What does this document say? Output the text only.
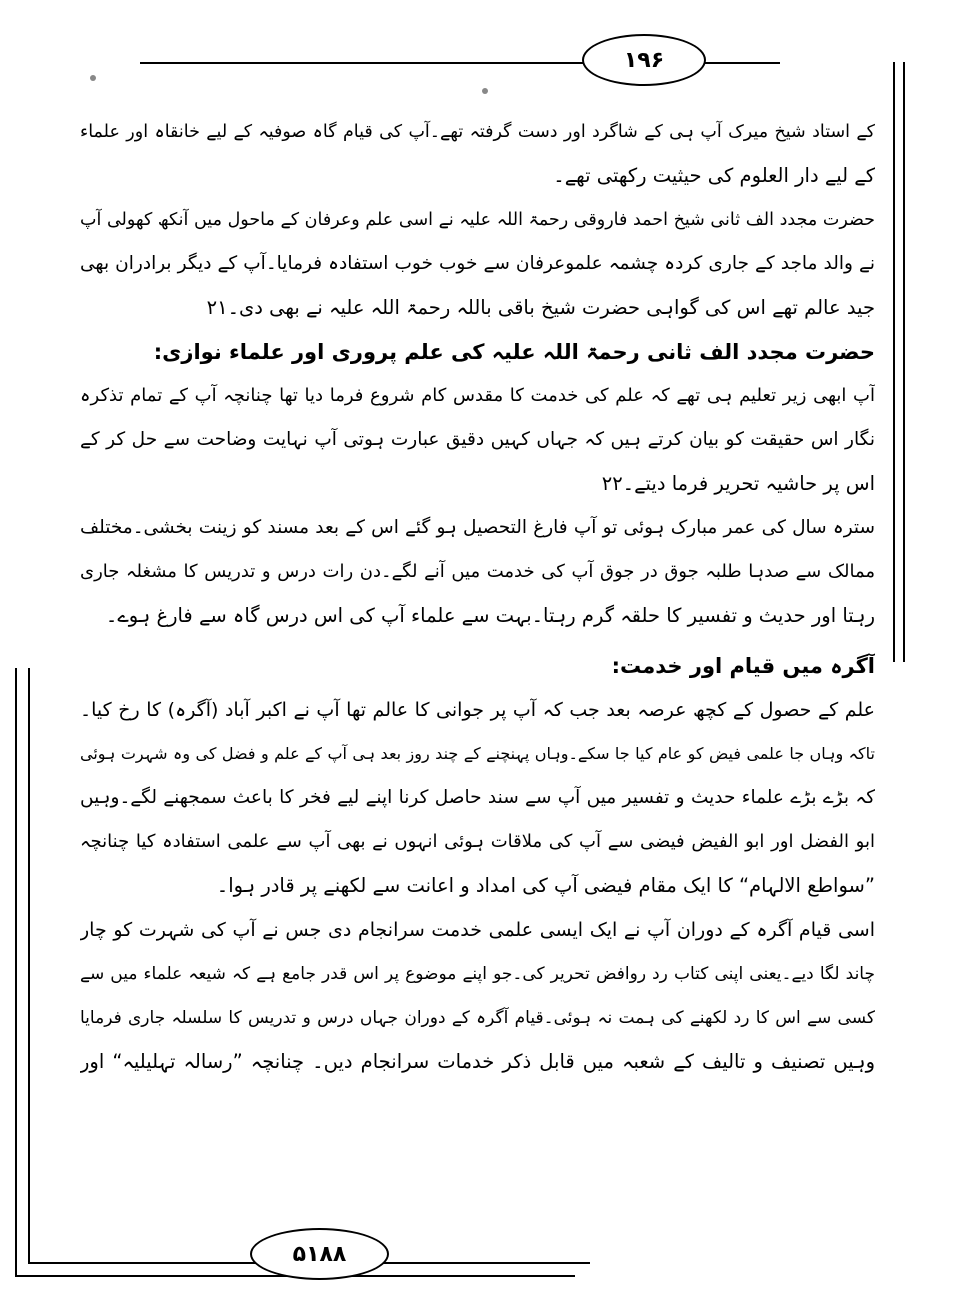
۱۹۶
۵۱۸۸
کے استاد شیخ میرک آپ ہی کے شاگرد اور دست گرفتہ تھے۔آپ کی قیام گاہ صوفیہ کے لیے خانقاہ اور علماء
کے لیے دار العلوم کی حیثیت رکھتی تھے۔
حضرت مجدد الف ثانی شیخ احمد فاروقی رحمۃ اللہ علیہ نے اسی علم وعرفان کے ماحول میں آنکھ کھولی آپ
نے والد ماجد کے جاری کردہ چشمہ علموعرفان سے خوب خوب استفادہ فرمایا۔آپ کے دیگر برادران بھی
جید عالم تھے اس کی گواہی حضرت شیخ باقی باللہ رحمۃ اللہ علیہ نے بھی دی۔۲۱
حضرت مجدد الف ثانی رحمۃ اللہ علیہ کی علم پروری اور علماء نوازی:
آپ ابھی زیر تعلیم ہی تھے کہ علم کی خدمت کا مقدس کام شروع فرما دیا تھا چنانچہ آپ کے تمام تذکرہ
نگار اس حقیقت کو بیان کرتے ہیں کہ جہاں کہیں دقیق عبارت ہوتی آپ نہایت وضاحت سے حل کر کے
اس پر حاشیہ تحریر فرما دیتے۔۲۲
سترہ سال کی عمر مبارک ہوئی تو آپ فارغ التحصیل ہو گئے اس کے بعد مسند کو زینت بخشی۔مختلف
ممالک سے صدہا طلبہ جوق در جوق آپ کی خدمت میں آنے لگے۔دن رات درس و تدریس کا مشغلہ جاری
رہتا اور حدیث و تفسیر کا حلقہ گرم رہتا۔بہت سے علماء آپ کی اس درس گاہ سے فارغ ہوے۔
آگرہ میں قیام اور خدمت:
علم کے حصول کے کچھ عرصہ بعد جب کہ آپ پر جوانی کا عالم تھا آپ نے اکبر آباد (آگرہ) کا رخ کیا۔
تاکہ وہاں جا علمی فیض کو عام کیا جا سکے۔وہاں پہنچنے کے چند روز بعد ہی آپ کے علم و فضل کی وہ شہرت ہوئی
کہ بڑے بڑے علماء حدیث و تفسیر میں آپ سے سند حاصل کرنا اپنے لیے فخر کا باعث سمجھنے لگے۔وہیں
ابو الفضل اور ابو الفیض فیضی سے آپ کی ملاقات ہوئی انہوں نے بھی آپ سے علمی استفادہ کیا چنانچہ
”سواطع الالہام“ کا ایک مقام فیضی آپ کی امداد و اعانت سے لکھنے پر قادر ہوا۔
اسی قیام آگرہ کے دوران آپ نے ایک ایسی علمی خدمت سرانجام دی جس نے آپ کی شہرت کو چار
چاند لگا دیے۔یعنی اپنی کتاب رد روافض تحریر کی۔جو اپنے موضوع پر اس قدر جامع ہے کہ شیعہ علماء میں سے
کسی سے اس کا رد لکھنے کی ہمت نہ ہوئی۔قیام آگرہ کے دوران جہاں درس و تدریس کا سلسلہ جاری فرمایا
وہیں تصنیف و تالیف کے شعبہ میں قابل ذکر خدمات سرانجام دیں۔ چنانچہ ”رسالہ تہلیلیہ“ اور
